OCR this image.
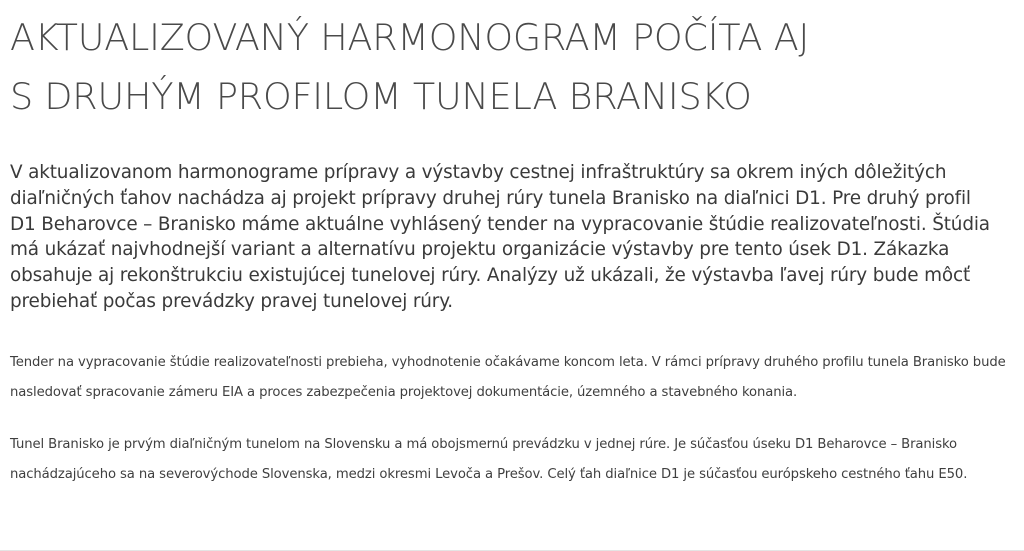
AKTUALIZOVANÝ HARMONOGRAM POČÍTA AJ
S DRUHÝM PROFILOM TUNELA BRANISKO

V aktualizovanom harmonograme prípravy a výstavby cestnej infraštruktúry sa okrem iných dôležitých diaľničných ťahov nachádza aj projekt prípravy druhej rúry tunela Branisko na diaľnici D1. Pre druhý profil D1 Beharovce – Branisko máme aktuálne vyhlásený tender na vypracovanie štúdie realizovateľnosti. Štúdia má ukázať najvhodnejší variant a alternatívu projektu organizácie výstavby pre tento úsek D1. Zákazka obsahuje aj rekonštrukciu existujúcej tunelovej rúry. Analýzy už ukázali, že výstavba ľavej rúry bude môcť prebiehať počas prevádzky pravej tunelovej rúry.

Tender na vypracovanie štúdie realizovateľnosti prebieha, vyhodnotenie očakávame koncom leta. V rámci prípravy druhého profilu tunela Branisko bude nasledovať spracovanie zámeru EIA a proces zabezpečenia projektovej dokumentácie, územného a stavebného konania.

Tunel Branisko je prvým diaľničným tunelom na Slovensku a má obojsmernú prevádzku v jednej rúre. Je súčasťou úseku D1 Beharovce – Branisko nachádzajúceho sa na severovýchode Slovenska, medzi okresmi Levoča a Prešov. Celý ťah diaľnice D1 je súčasťou európskeho cestného ťahu E50.
